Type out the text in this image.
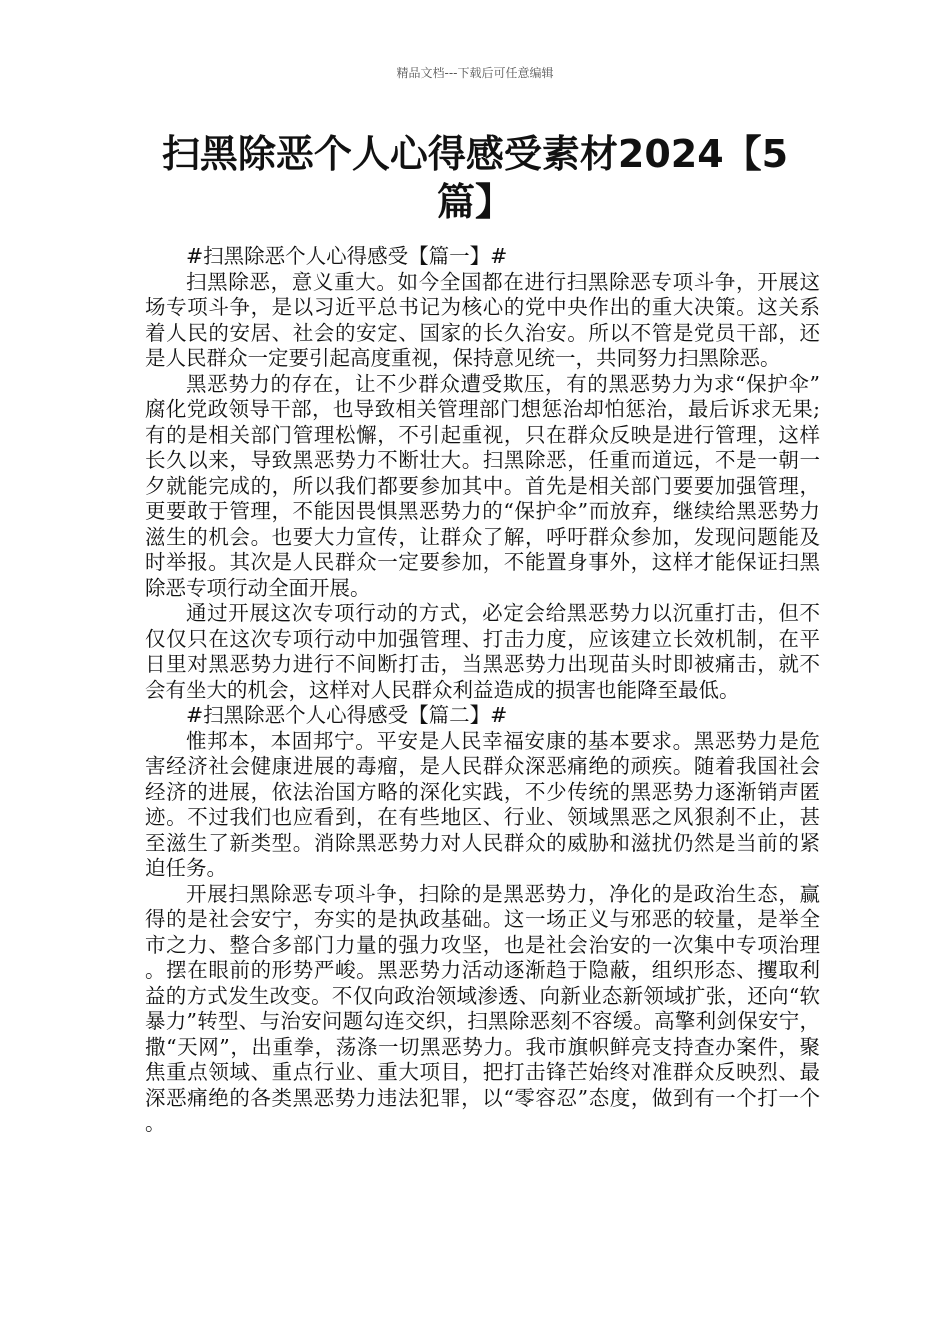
精品文档---下载后可任意编辑
扫黑除恶个人心得感受素材2024【5篇】

#扫黑除恶个人心得感受【篇一】#

扫黑除恶，意义重大。如今全国都在进行扫黑除恶专项斗争，开展这场专项斗争，是以习近平总书记为核心的党中央作出的重大决策。这关系着人民的安居、社会的安定、国家的长久治安。所以不管是党员干部，还是人民群众一定要引起高度重视，保持意见统一，共同努力扫黑除恶。

黑恶势力的存在，让不少群众遭受欺压，有的黑恶势力为求“保护伞”腐化党政领导干部，也导致相关管理部门想惩治却怕惩治，最后诉求无果;有的是相关部门管理松懈，不引起重视，只在群众反映是进行管理，这样长久以来，导致黑恶势力不断壮大。扫黑除恶，任重而道远，不是一朝一夕就能完成的，所以我们都要参加其中。首先是相关部门要要加强管理，更要敢于管理，不能因畏惧黑恶势力的“保护伞”而放弃，继续给黑恶势力滋生的机会。也要大力宣传，让群众了解，呼吁群众参加，发现问题能及时举报。其次是人民群众一定要参加，不能置身事外，这样才能保证扫黑除恶专项行动全面开展。

通过开展这次专项行动的方式，必定会给黑恶势力以沉重打击，但不仅仅只在这次专项行动中加强管理、打击力度，应该建立长效机制，在平日里对黑恶势力进行不间断打击，当黑恶势力出现苗头时即被痛击，就不会有坐大的机会，这样对人民群众利益造成的损害也能降至最低。

#扫黑除恶个人心得感受【篇二】#

惟邦本，本固邦宁。平安是人民幸福安康的基本要求。黑恶势力是危害经济社会健康进展的毒瘤，是人民群众深恶痛绝的顽疾。随着我国社会经济的进展，依法治国方略的深化实践，不少传统的黑恶势力逐渐销声匿迹。不过我们也应看到，在有些地区、行业、领域黑恶之风狠刹不止，甚至滋生了新类型。消除黑恶势力对人民群众的威胁和滋扰仍然是当前的紧迫任务。

开展扫黑除恶专项斗争，扫除的是黑恶势力，净化的是政治生态，赢得的是社会安宁，夯实的是执政基础。这一场正义与邪恶的较量，是举全市之力、整合多部门力量的强力攻坚，也是社会治安的一次集中专项治理。摆在眼前的形势严峻。黑恶势力活动逐渐趋于隐蔽，组织形态、攫取利益的方式发生改变。不仅向政治领域渗透、向新业态新领域扩张，还向“软暴力”转型、与治安问题勾连交织，扫黑除恶刻不容缓。高擎利剑保安宁，撒“天网”，出重拳，荡涤一切黑恶势力。我市旗帜鲜亮支持查办案件，聚焦重点领域、重点行业、重大项目，把打击锋芒始终对准群众反映烈、最深恶痛绝的各类黑恶势力违法犯罪，以“零容忍”态度，做到有一个打一个。
